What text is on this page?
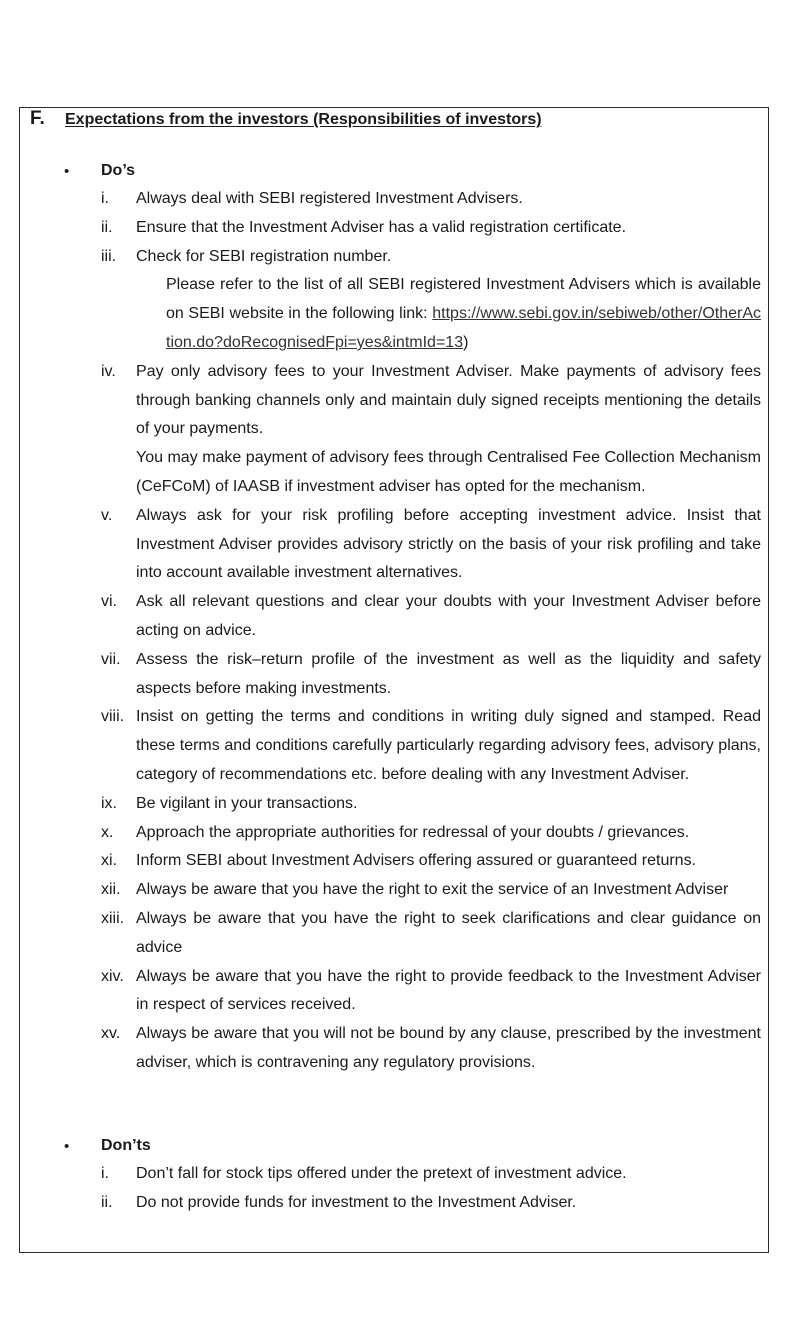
F. Expectations from the investors (Responsibilities of investors)
• Do’s
i.	Always deal with SEBI registered Investment Advisers.
ii.	Ensure that the Investment Adviser has a valid registration certificate.
iii.	Check for SEBI registration number.
Please refer to the list of all SEBI registered Investment Advisers which is available on SEBI website in the following link: https://www.sebi.gov.in/sebiweb/other/OtherAction.do?doRecognisedFpi=yes&intmId=13)
iv.	Pay only advisory fees to your Investment Adviser. Make payments of advisory fees through banking channels only and maintain duly signed receipts mentioning the details of your payments.
You may make payment of advisory fees through Centralised Fee Collection Mechanism (CeFCoM) of IAASB if investment adviser has opted for the mechanism.
v.	Always ask for your risk profiling before accepting investment advice. Insist that Investment Adviser provides advisory strictly on the basis of your risk profiling and take into account available investment alternatives.
vi.	Ask all relevant questions and clear your doubts with your Investment Adviser before acting on advice.
vii. Assess the risk–return profile of the investment as well as the liquidity and safety aspects before making investments.
viii. Insist on getting the terms and conditions in writing duly signed and stamped. Read these terms and conditions carefully particularly regarding advisory fees, advisory plans, category of recommendations etc. before dealing with any Investment Adviser.
ix.	Be vigilant in your transactions.
x.	Approach the appropriate authorities for redressal of your doubts / grievances.
xi.	Inform SEBI about Investment Advisers offering assured or guaranteed returns.
xii. Always be aware that you have the right to exit the service of an Investment Adviser
xiii. Always be aware that you have the right to seek clarifications and clear guidance on advice
xiv. Always be aware that you have the right to provide feedback to the Investment Adviser in respect of services received.
xv. Always be aware that you will not be bound by any clause, prescribed by the investment adviser, which is contravening any regulatory provisions.
• Don’ts
i.	Don’t fall for stock tips offered under the pretext of investment advice.
ii.	Do not provide funds for investment to the Investment Adviser.
